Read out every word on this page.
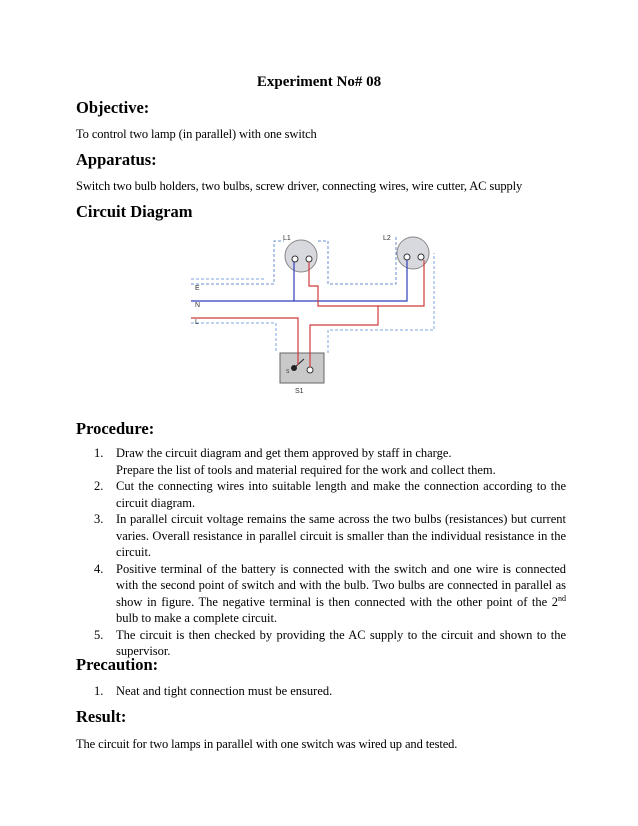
Experiment No# 08
Objective:
To control two lamp (in parallel) with one switch
Apparatus:
Switch two bulb holders, two bulbs, screw driver, connecting wires, wire cutter, AC supply
Circuit Diagram
L1	L2
E
N
L
S
S1
Procedure:
1. Draw the circuit diagram and get them approved by staff in charge.
Prepare the list of tools and material required for the work and collect them.
2. Cut the connecting wires into suitable length and make the connection according to the circuit diagram.
3. In parallel circuit voltage remains the same across the two bulbs (resistances) but current varies. Overall resistance in parallel circuit is smaller than the individual resistance in the circuit.
4. Positive terminal of the battery is connected with the switch and one wire is connected with the second point of switch and with the bulb. Two bulbs are connected in parallel as show in figure. The negative terminal is then connected with the other point of the 2nd bulb to make a complete circuit.
5. The circuit is then checked by providing the AC supply to the circuit and shown to the supervisor.
Precaution:
1. Neat and tight connection must be ensured.
Result:
The circuit for two lamps in parallel with one switch was wired up and tested.
